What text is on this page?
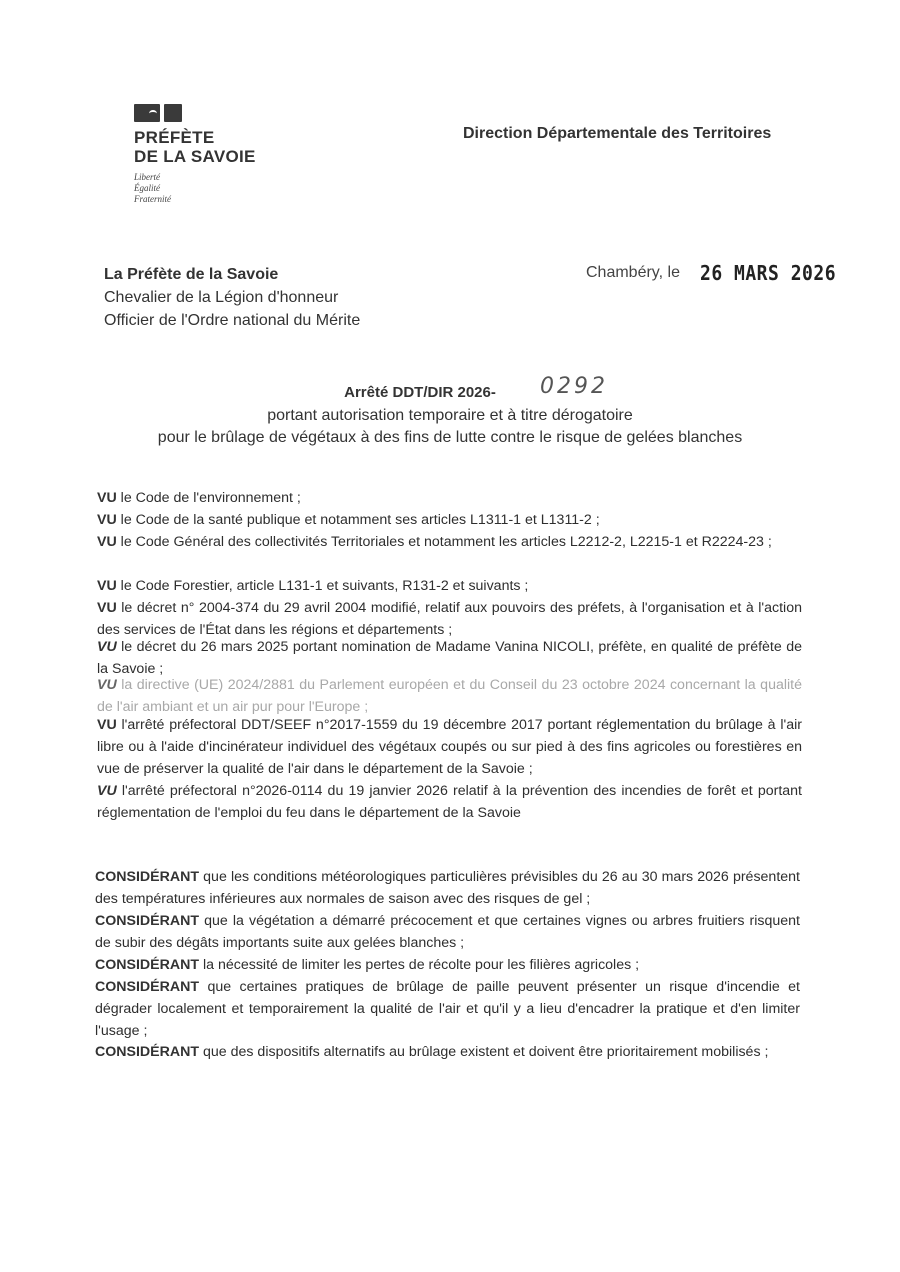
PRÉFÈTE
DE LA SAVOIE
Liberté
Égalité
Fraternité
Direction Départementale des Territoires
La Préfète de la Savoie
Chevalier de la Légion d'honneur
Officier de l'Ordre national du Mérite
Chambéry, le 26 MARS 2026
Arrêté DDT/DIR 2026-	0292
portant autorisation temporaire et à titre dérogatoire
pour le brûlage de végétaux à des fins de lutte contre le risque de gelées blanches
VU le Code de l'environnement ;
VU le Code de la santé publique et notamment ses articles L1311-1 et L1311-2 ;
VU le Code Général des collectivités Territoriales et notamment les articles L2212-2, L2215-1 et R2224-23 ;
VU le Code Forestier, article L131-1 et suivants, R131-2 et suivants ;
VU le décret n° 2004-374 du 29 avril 2004 modifié, relatif aux pouvoirs des préfets, à l'organisation et à l'action des services de l'État dans les régions et départements ;
VU le décret du 26 mars 2025 portant nomination de Madame Vanina NICOLI, préfète, en qualité de préfète de la Savoie ;
VU la directive (UE) 2024/2881 du Parlement européen et du Conseil du 23 octobre 2024 concernant la qualité de l'air ambiant et un air pur pour l'Europe ;
VU l'arrêté préfectoral DDT/SEEF n°2017-1559 du 19 décembre 2017 portant réglementation du brûlage à l'air libre ou à l'aide d'incinérateur individuel des végétaux coupés ou sur pied à des fins agricoles ou forestières en vue de préserver la qualité de l'air dans le département de la Savoie ;
VU l'arrêté préfectoral n°2026-0114 du 19 janvier 2026 relatif à la prévention des incendies de forêt et portant réglementation de l'emploi du feu dans le département de la Savoie
CONSIDÉRANT que les conditions météorologiques particulières prévisibles du 26 au 30 mars 2026 présentent des températures inférieures aux normales de saison avec des risques de gel ;
CONSIDÉRANT que la végétation a démarré précocement et que certaines vignes ou arbres fruitiers risquent de subir des dégâts importants suite aux gelées blanches ;
CONSIDÉRANT la nécessité de limiter les pertes de récolte pour les filières agricoles ;
CONSIDÉRANT que certaines pratiques de brûlage de paille peuvent présenter un risque d'incendie et dégrader localement et temporairement la qualité de l'air et qu'il y a lieu d'encadrer la pratique et d'en limiter l'usage ;
CONSIDÉRANT que des dispositifs alternatifs au brûlage existent et doivent être prioritairement mobilisés ;
